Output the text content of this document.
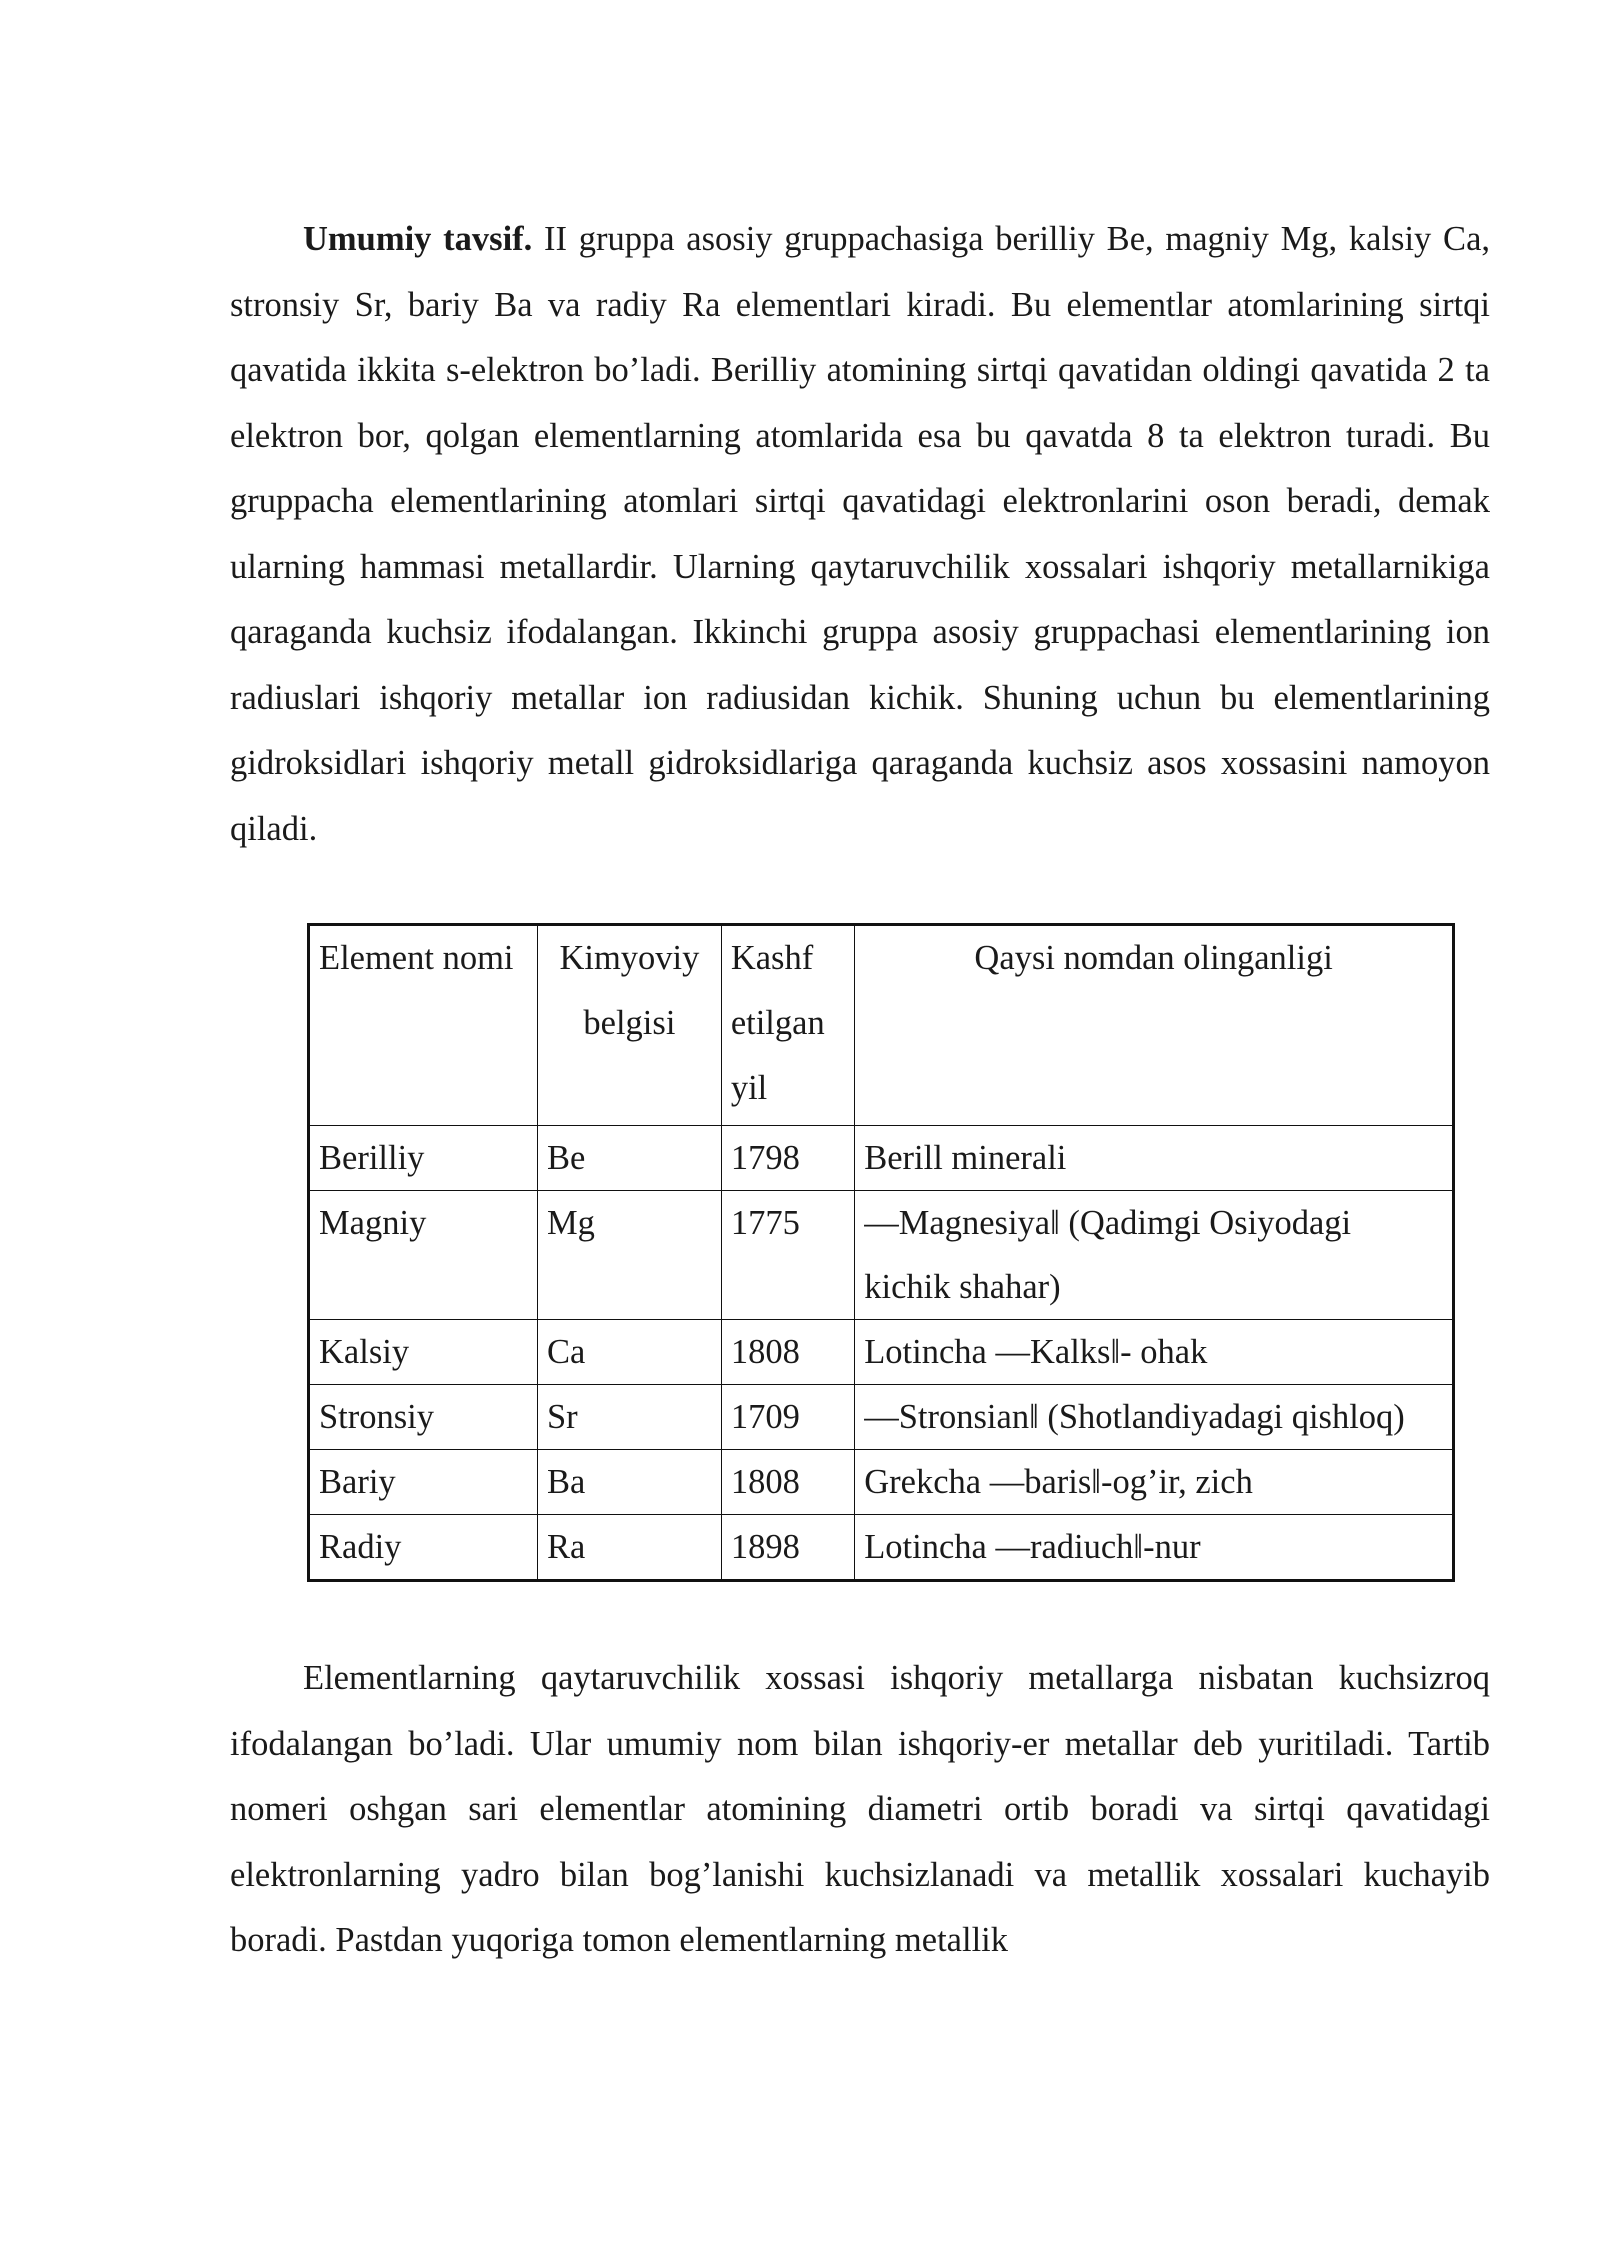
Umumiy tavsif. II gruppa asosiy gruppachasiga berilliy Be, magniy Mg, kalsiy Ca, stronsiy Sr, bariy Ba va radiy Ra elementlari kiradi. Bu elementlar atomlarining sirtqi qavatida ikkita s-elektron bo’ladi. Berilliy atomining sirtqi qavatidan oldingi qavatida 2 ta elektron bor, qolgan elementlarning atomlarida esa bu qavatda 8 ta elektron turadi. Bu gruppacha elementlarining atomlari sirtqi qavatidagi elektronlarini oson beradi, demak ularning hammasi metallardir. Ularning qaytaruvchilik xossalari ishqoriy metallarnikiga qaraganda kuchsiz ifodalangan. Ikkinchi gruppa asosiy gruppachasi elementlarining ion radiuslari ishqoriy metallar ion radiusidan kichik. Shuning uchun bu elementlarining gidroksidlari ishqoriy metall gidroksidlariga qaraganda kuchsiz asos xossasini namoyon qiladi.

Element nomi	Kimyoviy belgisi	Kashf etilgan yil	Qaysi nomdan olinganligi
Berilliy	Be	1798	Berill minerali
Magniy	Mg	1775	―Magnesiya‖ (Qadimgi Osiyodagi kichik shahar)
Kalsiy	Ca	1808	Lotincha ―Kalks‖- ohak
Stronsiy	Sr	1709	―Stronsian‖ (Shotlandiyadagi qishloq)
Bariy	Ba	1808	Grekcha ―baris‖-og’ir, zich
Radiy	Ra	1898	Lotincha ―radiuch‖-nur

Elementlarning qaytaruvchilik xossasi ishqoriy metallarga nisbatan kuchsizroq ifodalangan bo’ladi. Ular umumiy nom bilan ishqoriy-er metallar deb yuritiladi. Tartib nomeri oshgan sari elementlar atomining diametri ortib boradi va sirtqi qavatidagi elektronlarning yadro bilan bog’lanishi kuchsizlanadi va metallik xossalari kuchayib boradi. Pastdan yuqoriga tomon elementlarning metallik
